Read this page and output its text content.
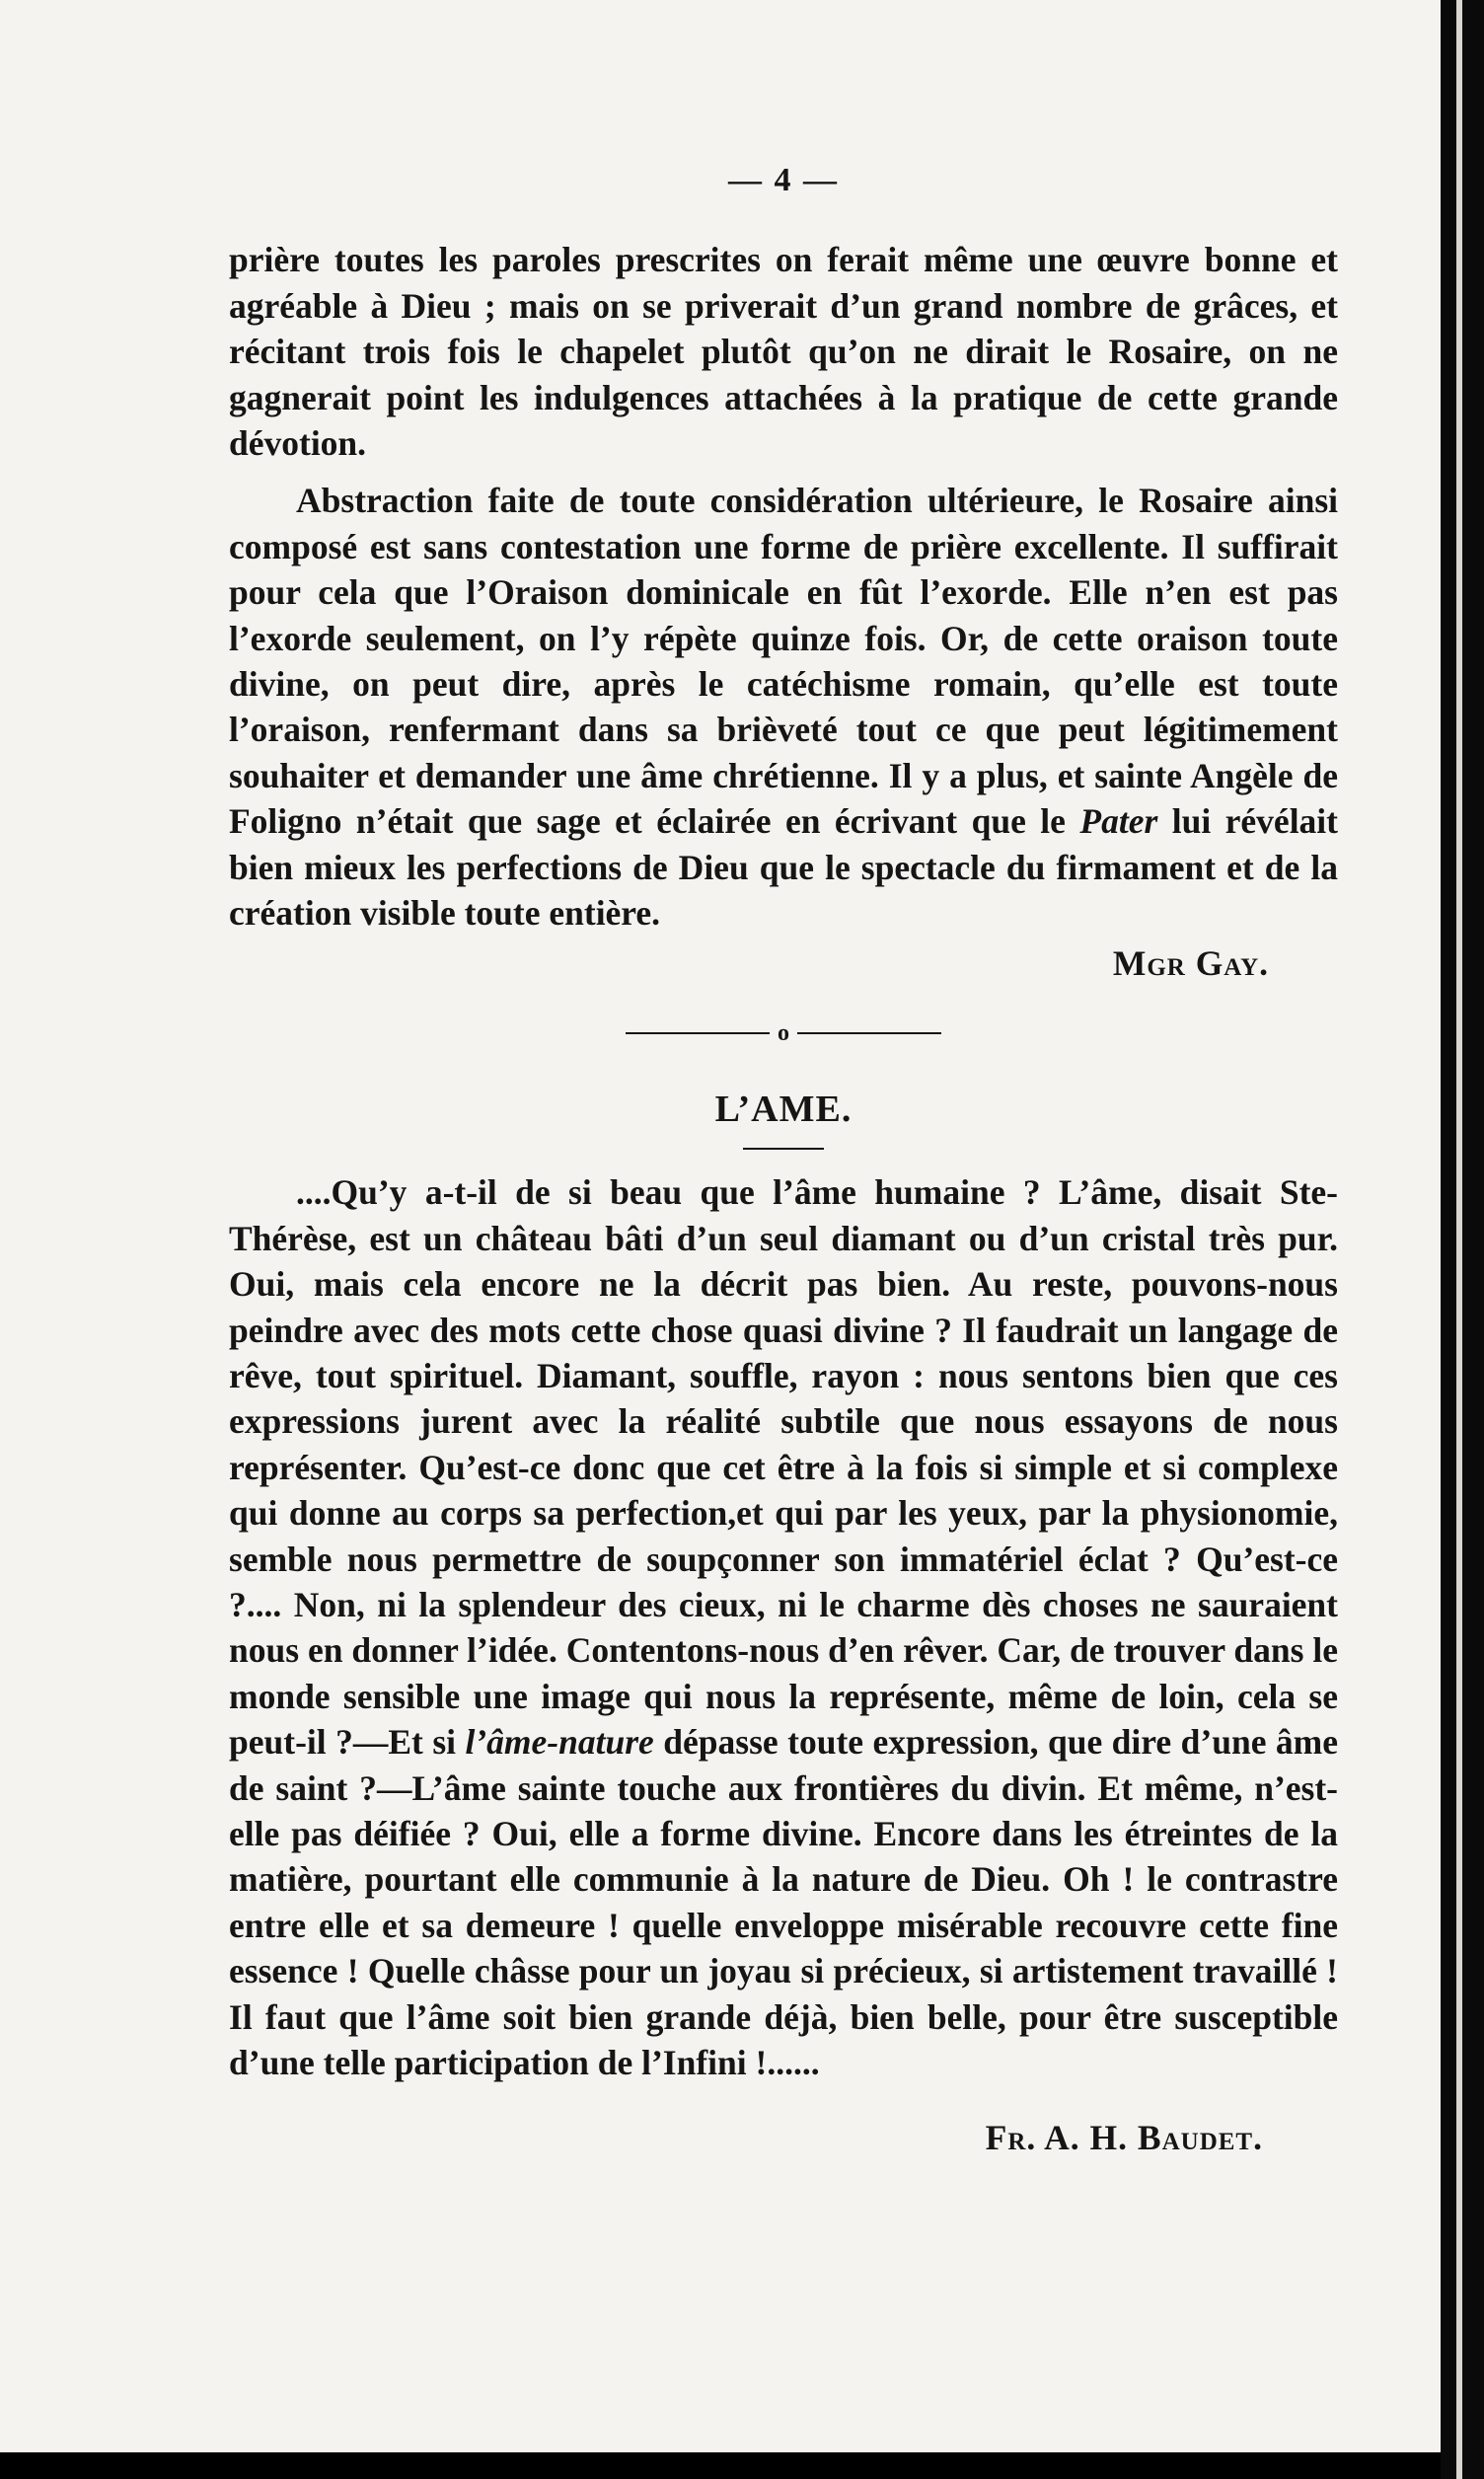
— 4 —

prière toutes les paroles prescrites on ferait même une œuvre bonne et agréable à Dieu ; mais on se priverait d’un grand nombre de grâces, et récitant trois fois le chapelet plutôt qu’on ne dirait le Rosaire, on ne gagnerait point les indulgences attachées à la pratique de cette grande dévotion.

Abstraction faite de toute considération ultérieure, le Rosaire ainsi composé est sans contestation une forme de prière excellente. Il suffirait pour cela que l’Oraison dominicale en fût l’exorde. Elle n’en est pas l’exorde seulement, on l’y répète quinze fois. Or, de cette oraison toute divine, on peut dire, après le catéchisme romain, qu’elle est toute l’oraison, renfermant dans sa brièveté tout ce que peut légitimement souhaiter et demander une âme chrétienne. Il y a plus, et sainte Angèle de Foligno n’était que sage et éclairée en écrivant que le Pater lui révélait bien mieux les perfections de Dieu que le spectacle du firmament et de la création visible toute entière.

Mgr Gay.
o
L’AME.

....Qu’y a-t-il de si beau que l’âme humaine ? L’âme, disait Ste-Thérèse, est un château bâti d’un seul diamant ou d’un cristal très pur. Oui, mais cela encore ne la décrit pas bien. Au reste, pouvons-nous peindre avec des mots cette chose quasi divine ? Il faudrait un langage de rêve, tout spirituel. Diamant, souffle, rayon : nous sentons bien que ces expressions jurent avec la réalité subtile que nous essayons de nous représenter. Qu’est-ce donc que cet être à la fois si simple et si complexe qui donne au corps sa perfection,et qui par les yeux, par la physionomie, semble nous permettre de soupçonner son immatériel éclat ? Qu’est-ce ?.... Non, ni la splendeur des cieux, ni le charme dès choses ne sauraient nous en donner l’idée. Contentons-nous d’en rêver. Car, de trouver dans le monde sensible une image qui nous la représente, même de loin, cela se peut-il ?—Et si l’âme-nature dépasse toute expression, que dire d’une âme de saint ?—L’âme sainte touche aux frontières du divin. Et même, n’est-elle pas déifiée ? Oui, elle a forme divine. Encore dans les étreintes de la matière, pourtant elle communie à la nature de Dieu. Oh ! le contrastre entre elle et sa demeure ! quelle enveloppe misérable recouvre cette fine essence ! Quelle châsse pour un joyau si précieux, si artistement travaillé ! Il faut que l’âme soit bien grande déjà, bien belle, pour être susceptible d’une telle participation de l’Infini !......

Fr. A. H. Baudet.
